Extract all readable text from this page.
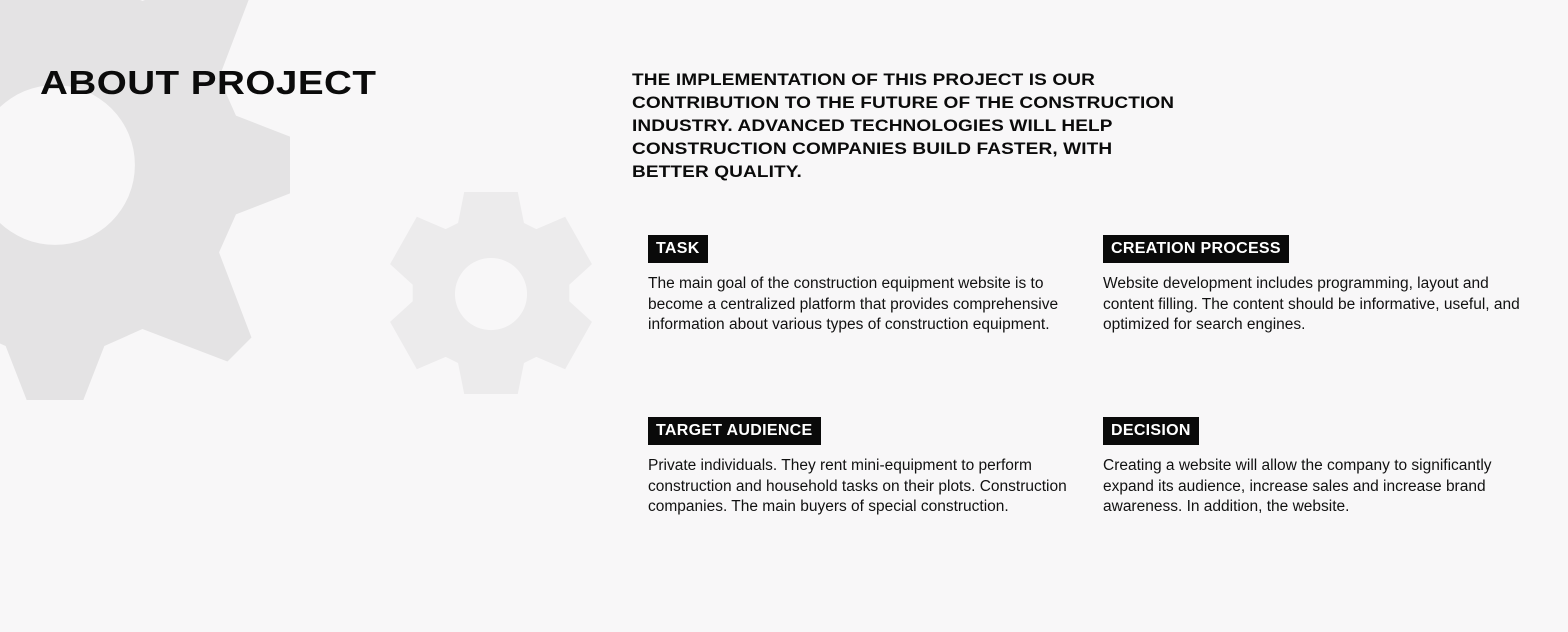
ABOUT PROJECT	THE IMPLEMENTATION OF THIS PROJECT IS OUR CONTRIBUTION TO THE FUTURE OF THE CONSTRUCTION INDUSTRY. ADVANCED TECHNOLOGIES WILL HELP CONSTRUCTION COMPANIES BUILD FASTER, WITH BETTER QUALITY.

TASK

The main goal of the construction equipment website is to become a centralized platform that provides comprehensive information about various types of construction equipment.

CREATION PROCESS

Website development includes programming, layout and content filling. The content should be informative, useful, and optimized for search engines.

TARGET AUDIENCE

Private individuals. They rent mini-equipment to perform construction and household tasks on their plots. Construction companies. The main buyers of special construction.

DECISION

Creating a website will allow the company to significantly expand its audience, increase sales and increase brand awareness. In addition, the website.
